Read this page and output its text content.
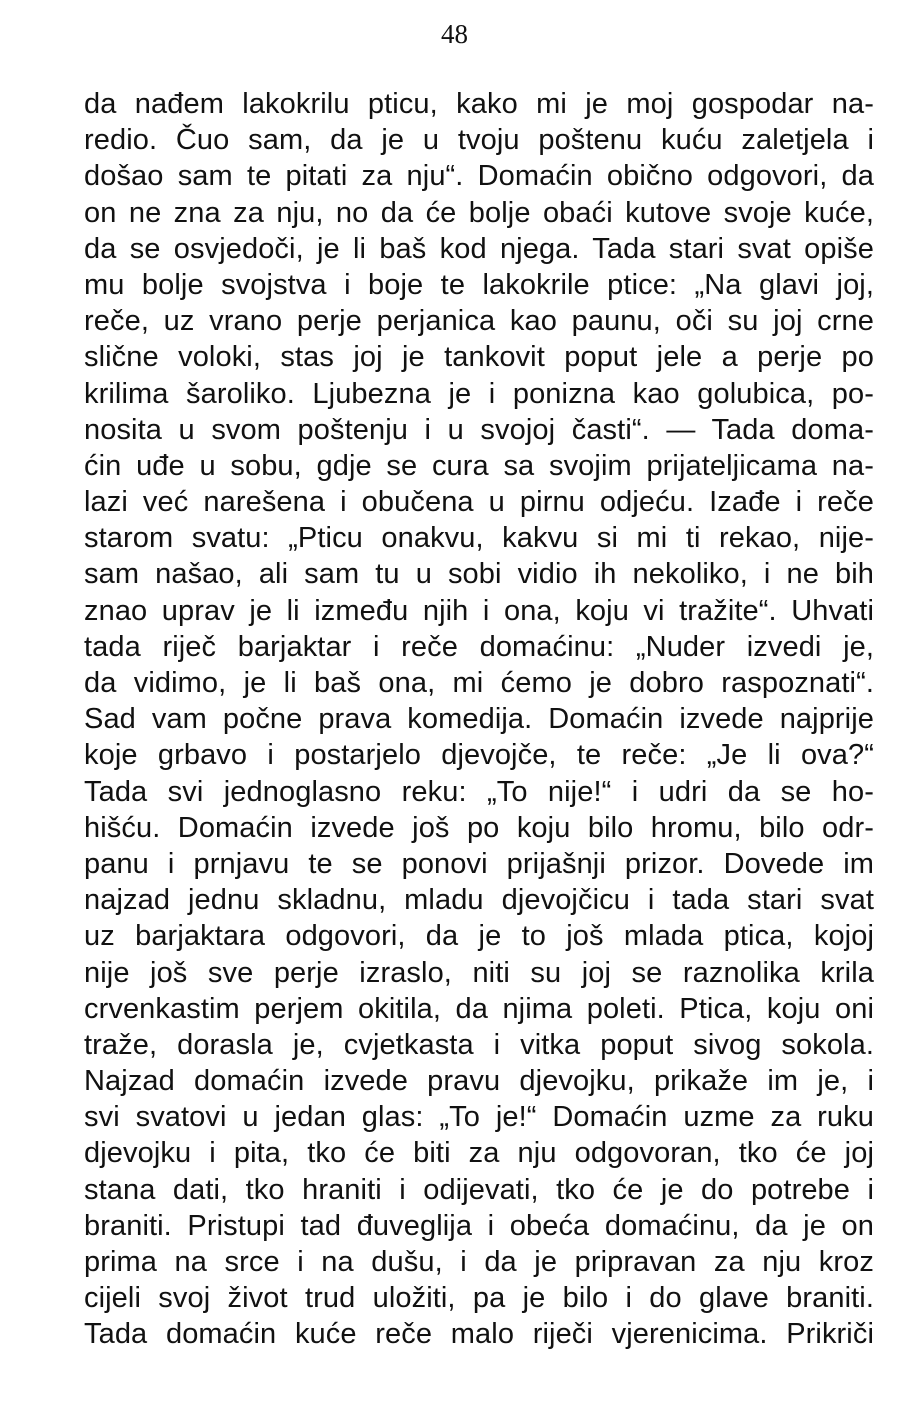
48
da nađem lakokrilu pticu, kako mi je moj gospodar na-
redio. Čuo sam, da je u tvoju poštenu kuću zaletjela i
došao sam te pitati za nju“. Domaćin obično odgovori, da
on ne zna za nju, no da će bolje obaći kutove svoje kuće,
da se osvjedoči, je li baš kod njega. Tada stari svat opiše
mu bolje svojstva i boje te lakokrile ptice: „Na glavi joj,
reče, uz vrano perje perjanica kao paunu, oči su joj crne
slične voloki, stas joj je tankovit poput jele a perje po
krilima šaroliko. Ljubezna je i ponizna kao golubica, po-
nosita u svom poštenju i u svojoj časti“. — Tada doma-
ćin uđe u sobu, gdje se cura sa svojim prijateljicama na-
lazi već narešena i obučena u pirnu odjeću. Izađe i reče
starom svatu: „Pticu onakvu, kakvu si mi ti rekao, nije-
sam našao, ali sam tu u sobi vidio ih nekoliko, i ne bih
znao uprav je li između njih i ona, koju vi tražite“. Uhvati
tada riječ barjaktar i reče domaćinu: „Nuder izvedi je,
da vidimo, je li baš ona, mi ćemo je dobro raspoznati“.
Sad vam počne prava komedija. Domaćin izvede najprije
koje grbavo i postarjelo djevojče, te reče: „Je li ova?“
Tada svi jednoglasno reku: „To nije!“ i udri da se ho-
hišću. Domaćin izvede još po koju bilo hromu, bilo odr-
panu i prnjavu te se ponovi prijašnji prizor. Dovede im
najzad jednu skladnu, mladu djevojčicu i tada stari svat
uz barjaktara odgovori, da je to još mlada ptica, kojoj
nije još sve perje izraslo, niti su joj se raznolika krila
crvenkastim perjem okitila, da njima poleti. Ptica, koju oni
traže, dorasla je, cvjetkasta i vitka poput sivog sokola.
Najzad domaćin izvede pravu djevojku, prikaže im je, i
svi svatovi u jedan glas: „To je!“ Domaćin uzme za ruku
djevojku i pita, tko će biti za nju odgovoran, tko će joj
stana dati, tko hraniti i odijevati, tko će je do potrebe i
braniti. Pristupi tad đuveglija i obeća domaćinu, da je on
prima na srce i na dušu, i da je pripravan za nju kroz
cijeli svoj život trud uložiti, pa je bilo i do glave braniti.
Tada domaćin kuće reče malo riječi vjerenicima. Prikriči
